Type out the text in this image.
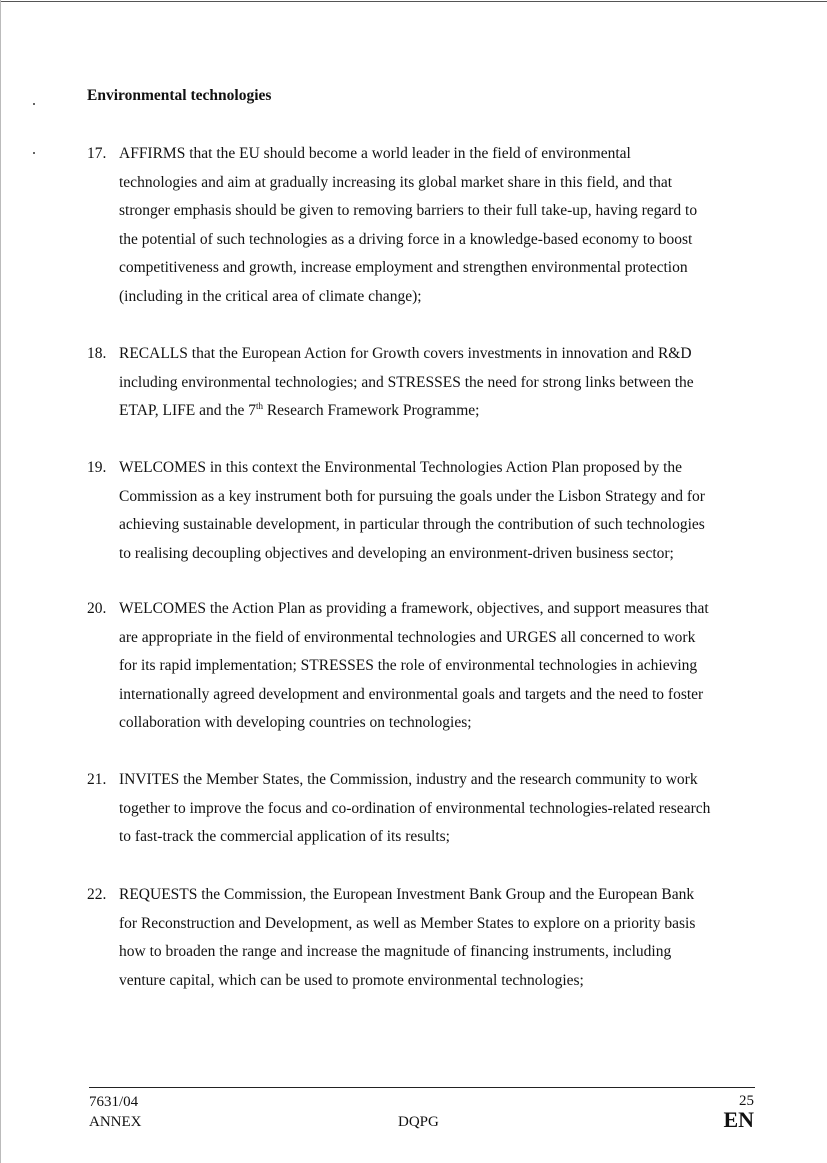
Environmental technologies
17. AFFIRMS that the EU should become a world leader in the field of environmental
technologies and aim at gradually increasing its global market share in this field, and that
stronger emphasis should be given to removing barriers to their full take-up, having regard to
the potential of such technologies as a driving force in a knowledge-based economy to boost
competitiveness and growth, increase employment and strengthen environmental protection
(including in the critical area of climate change);
18. RECALLS that the European Action for Growth covers investments in innovation and R&D
including environmental technologies; and STRESSES the need for strong links between the
ETAP, LIFE and the 7th Research Framework Programme;
19. WELCOMES in this context the Environmental Technologies Action Plan proposed by the
Commission as a key instrument both for pursuing the goals under the Lisbon Strategy and for
achieving sustainable development, in particular through the contribution of such technologies
to realising decoupling objectives and developing an environment-driven business sector;
20. WELCOMES the Action Plan as providing a framework, objectives, and support measures that
are appropriate in the field of environmental technologies and URGES all concerned to work
for its rapid implementation; STRESSES the role of environmental technologies in achieving
internationally agreed development and environmental goals and targets and the need to foster
collaboration with developing countries on technologies;
21. INVITES the Member States, the Commission, industry and the research community to work
together to improve the focus and co-ordination of environmental technologies-related research
to fast-track the commercial application of its results;
22. REQUESTS the Commission, the European Investment Bank Group and the European Bank
for Reconstruction and Development, as well as Member States to explore on a priority basis
how to broaden the range and increase the magnitude of financing instruments, including
venture capital, which can be used to promote environmental technologies;
7631/04
ANNEX	DQPG
25
EN
